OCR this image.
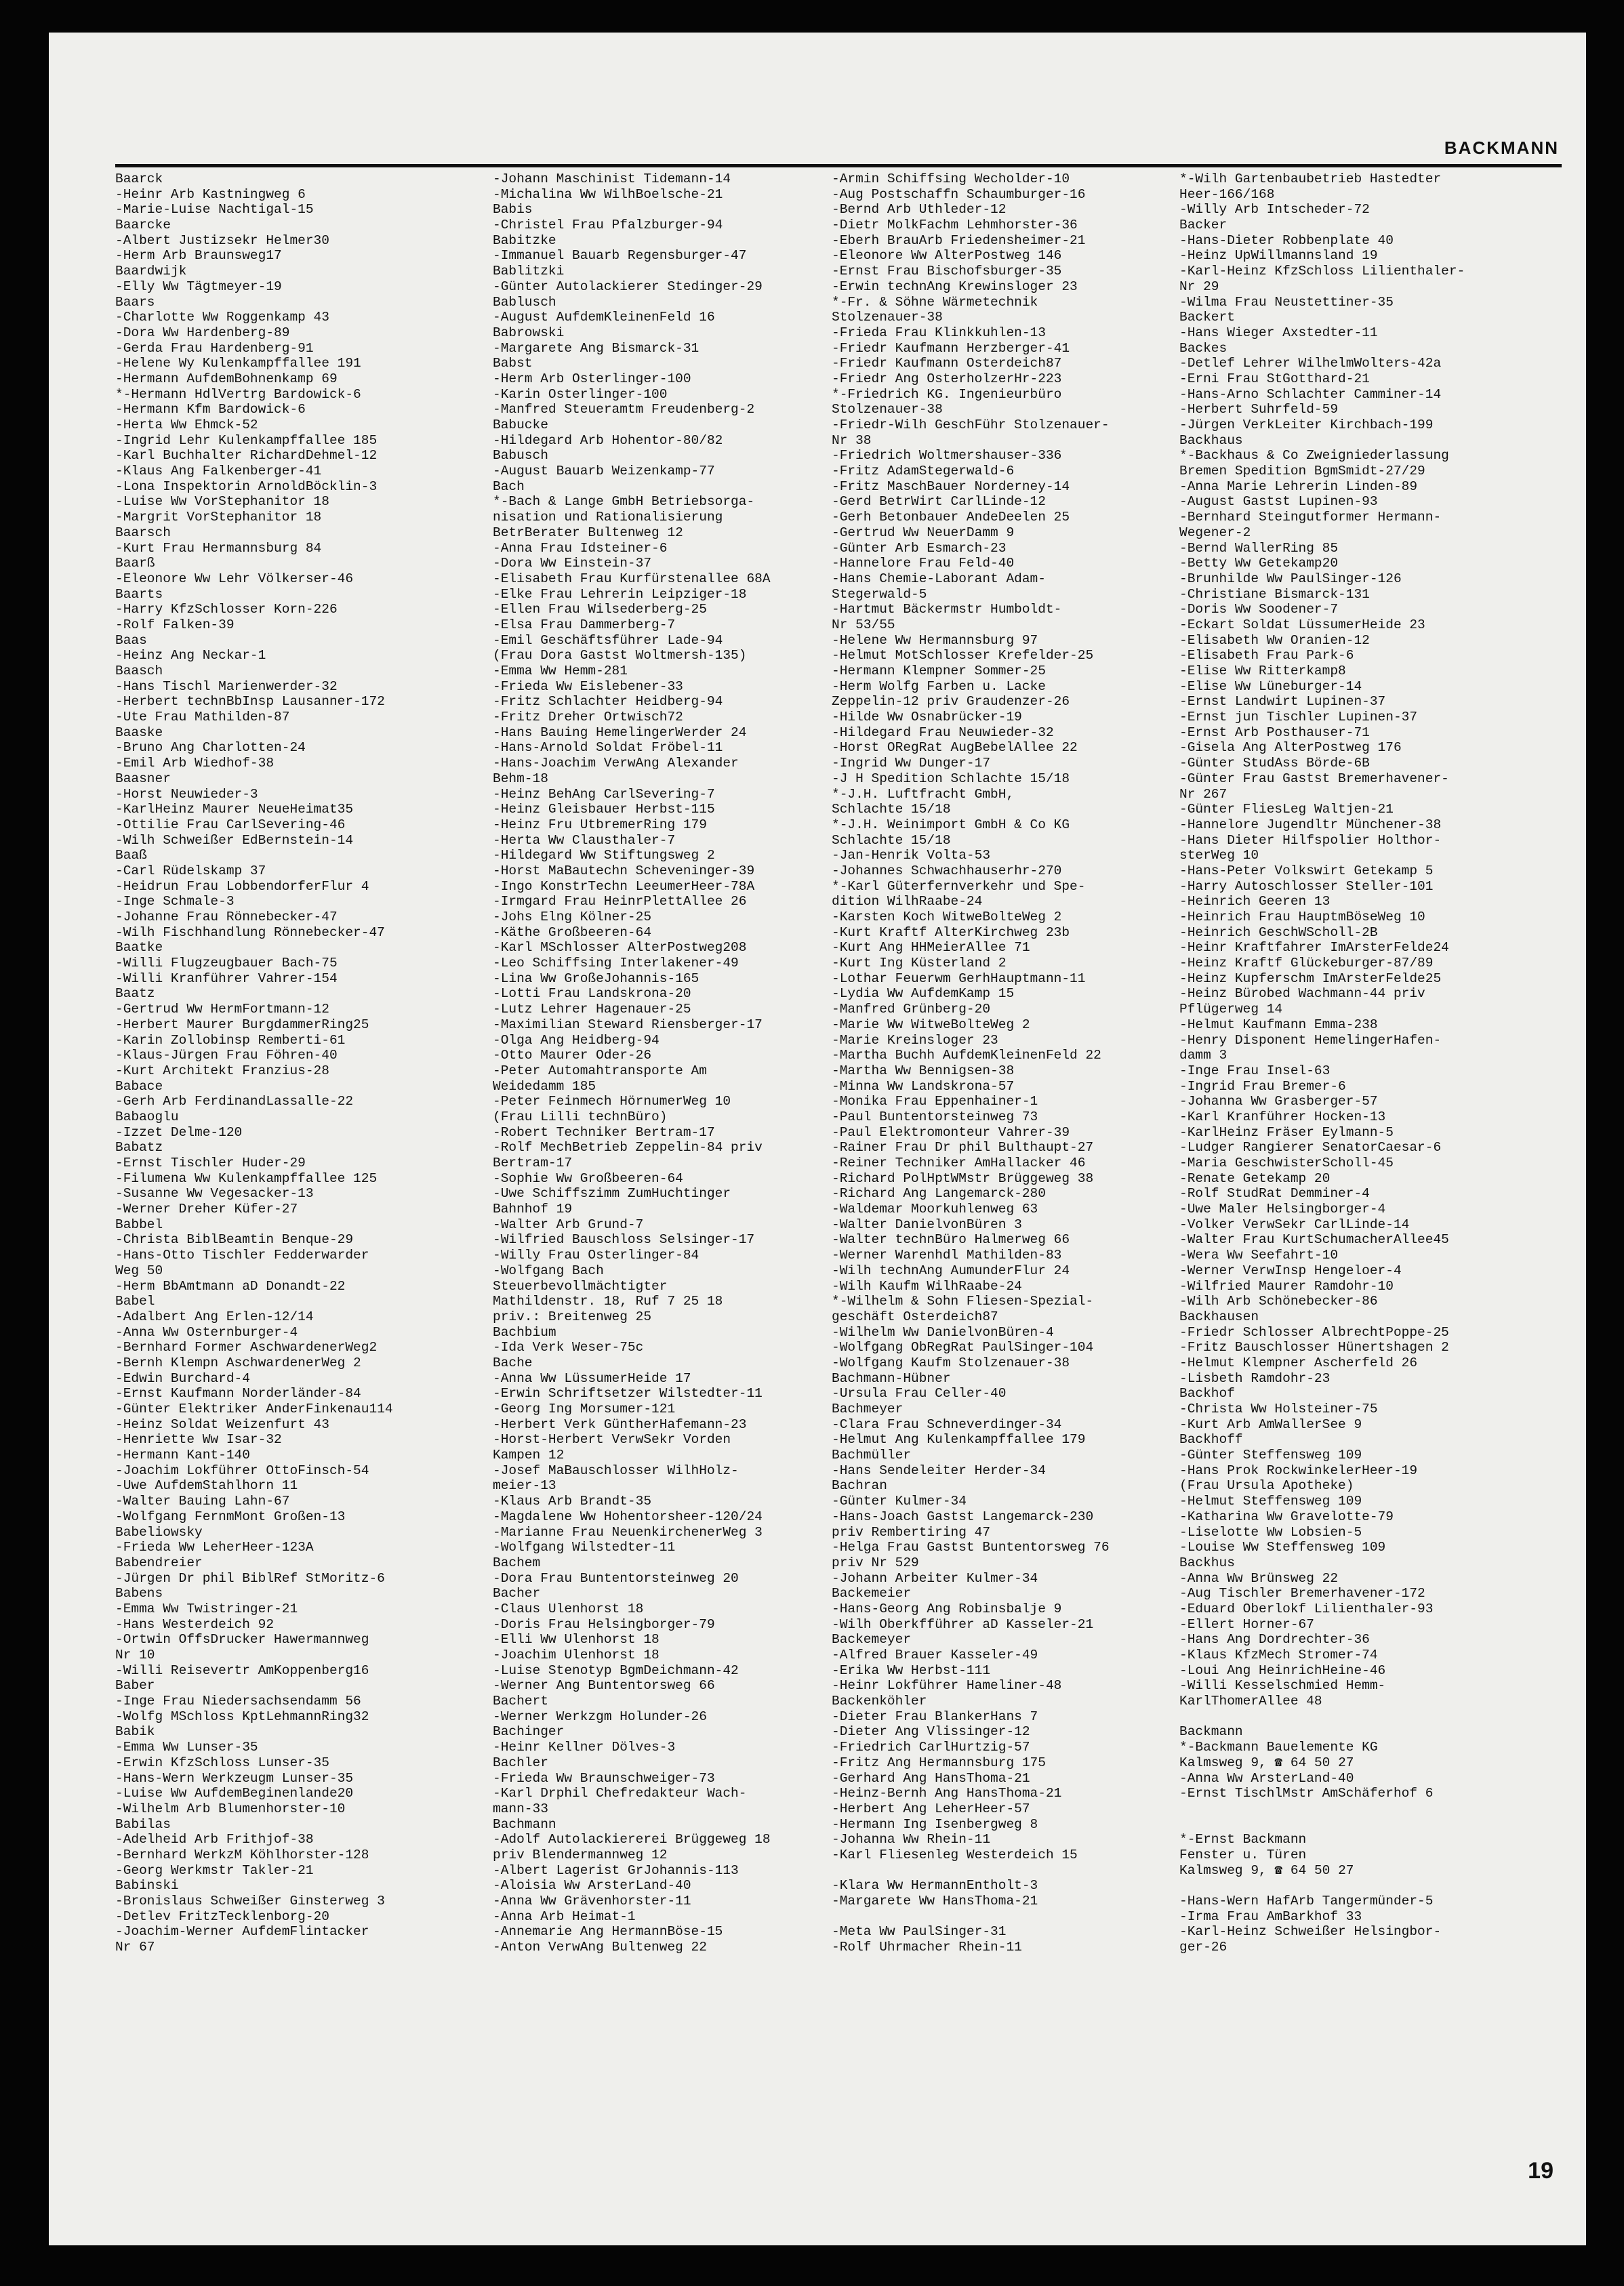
BACKMANN
Baarck
-Heinr Arb Kastningweg 6
-Marie-Luise Nachtigal-15
Baarcke
-Albert Justizsekr Helmer30
-Herm Arb Braunsweg17
Baardwijk
-Elly Ww Tägtmeyer-19
Baars
-Charlotte Ww Roggenkamp 43
-Dora Ww Hardenberg-89
-Gerda Frau Hardenberg-91
-Helene Wy Kulenkampffallee 191
-Hermann AufdemBohnenkamp 69
*-Hermann HdlVertrg Bardowick-6
-Hermann Kfm Bardowick-6
-Herta Ww Ehmck-52
-Ingrid Lehr Kulenkampffallee 185
-Karl Buchhalter RichardDehmel-12
-Klaus Ang Falkenberger-41
-Lona Inspektorin ArnoldBöcklin-3
-Luise Ww VorStephanitor 18
-Margrit VorStephanitor 18
Baarsch
-Kurt Frau Hermannsburg 84
Baarß
-Eleonore Ww Lehr Völkerser-46
Baarts
-Harry KfzSchlosser Korn-226
-Rolf Falken-39
Baas
-Heinz Ang Neckar-1
Baasch
-Hans Tischl Marienwerder-32
-Herbert technBbInsp Lausanner-172
-Ute Frau Mathilden-87
Baaske
-Bruno Ang Charlotten-24
-Emil Arb Wiedhof-38
Baasner
-Horst Neuwieder-3
-KarlHeinz Maurer NeueHeimat35
-Ottilie Frau CarlSevering-46
-Wilh Schweißer EdBernstein-14
Baaß
-Carl Rüdelskamp 37
-Heidrun Frau LobbendorferFlur 4
-Inge Schmale-3
-Johanne Frau Rönnebecker-47
-Wilh Fischhandlung Rönnebecker-47
Baatke
-Willi Flugzeugbauer Bach-75
-Willi Kranführer Vahrer-154
Baatz
-Gertrud Ww HermFortmann-12
-Herbert Maurer BurgdammerRing25
-Karin Zollobinsp Remberti-61
-Klaus-Jürgen Frau Föhren-40
-Kurt Architekt Franzius-28
Babace
-Gerh Arb FerdinandLassalle-22
Babaoglu
-Izzet Delme-120
Babatz
-Ernst Tischler Huder-29
-Filumena Ww Kulenkampffallee 125
-Susanne Ww Vegesacker-13
-Werner Dreher Küfer-27
Babbel
-Christa BiblBeamtin Benque-29
-Hans-Otto Tischler Fedderwarder
Weg 50
-Herm BbAmtmann aD Donandt-22
Babel
-Adalbert Ang Erlen-12/14
-Anna Ww Osternburger-4
-Bernhard Former AschwardenerWeg2
-Bernh Klempn AschwardenerWeg 2
-Edwin Burchard-4
-Ernst Kaufmann Norderländer-84
-Günter Elektriker AnderFinkenau114
-Heinz Soldat Weizenfurt 43
-Henriette Ww Isar-32
-Hermann Kant-140
-Joachim Lokführer OttoFinsch-54
-Uwe AufdemStahlhorn 11
-Walter Bauing Lahn-67
-Wolfgang FernmMont Großen-13
Babeliowsky
-Frieda Ww LeherHeer-123A
Babendreier
-Jürgen Dr phil BiblRef StMoritz-6
Babens
-Emma Ww Twistringer-21
-Hans Westerdeich 92
-Ortwin OffsDrucker Hawermannweg
Nr 10
-Willi Reisevertr AmKoppenberg16
Baber
-Inge Frau Niedersachsendamm 56
-Wolfg MSchloss KptLehmannRing32
Babik
-Emma Ww Lunser-35
-Erwin KfzSchloss Lunser-35
-Hans-Wern Werkzeugm Lunser-35
-Luise Ww AufdemBeginenlande20
-Wilhelm Arb Blumenhorster-10
Babilas
-Adelheid Arb Frithjof-38
-Bernhard WerkzM Köhlhorster-128
-Georg Werkmstr Takler-21
Babinski
-Bronislaus Schweißer Ginsterweg 3
-Detlev FritzTecklenborg-20
-Joachim-Werner AufdemFlintacker
Nr 67
-Johann Maschinist Tidemann-14
-Michalina Ww WilhBoelsche-21
Babis
-Christel Frau Pfalzburger-94
Babitzke
-Immanuel Bauarb Regensburger-47
Bablitzki
-Günter Autolackierer Stedinger-29
Bablusch
-August AufdemKleinenFeld 16
Babrowski
-Margarete Ang Bismarck-31
Babst
-Herm Arb Osterlinger-100
-Karin Osterlinger-100
-Manfred Steueramtm Freudenberg-2
Babucke
-Hildegard Arb Hohentor-80/82
Babusch
-August Bauarb Weizenkamp-77
Bach
*-Bach & Lange GmbH Betriebsorga-
nisation und Rationalisierung
BetrBerater Bultenweg 12
-Anna Frau Idsteiner-6
-Dora Ww Einstein-37
-Elisabeth Frau Kurfürstenallee 68A
-Elke Frau Lehrerin Leipziger-18
-Ellen Frau Wilsederberg-25
-Elsa Frau Dammerberg-7
-Emil Geschäftsführer Lade-94
(Frau Dora Gastst Woltmersh-135)
-Emma Ww Hemm-281
-Frieda Ww Eislebener-33
-Fritz Schlachter Heidberg-94
-Fritz Dreher Ortwisch72
-Hans Bauing HemelingerWerder 24
-Hans-Arnold Soldat Fröbel-11
-Hans-Joachim VerwAng Alexander
Behm-18
-Heinz BehAng CarlSevering-7
-Heinz Gleisbauer Herbst-115
-Heinz Fru UtbremerRing 179
-Herta Ww Clausthaler-7
-Hildegard Ww Stiftungsweg 2
-Horst MaBautechn Scheveninger-39
-Ingo KonstrTechn LeeumerHeer-78A
-Irmgard Frau HeinrPlettAllee 26
-Johs Elng Kölner-25
-Käthe Großbeeren-64
-Karl MSchlosser AlterPostweg208
-Leo Schiffsing Interlakener-49
-Lina Ww GroßeJohannis-165
-Lotti Frau Landskrona-20
-Lutz Lehrer Hagenauer-25
-Maximilian Steward Riensberger-17
-Olga Ang Heidberg-94
-Otto Maurer Oder-26
-Peter Automahtransporte Am
Weidedamm 185
-Peter Feinmech HörnumerWeg 10
(Frau Lilli technBüro)
-Robert Techniker Bertram-17
-Rolf MechBetrieb Zeppelin-84 priv
Bertram-17
-Sophie Ww Großbeeren-64
-Uwe Schiffszimm ZumHuchtinger
Bahnhof 19
-Walter Arb Grund-7
-Wilfried Bauschloss Selsinger-17
-Willy Frau Osterlinger-84
-Wolfgang Bach
Steuerbevollmächtigter
Mathildenstr. 18, Ruf 7 25 18
priv.: Breitenweg 25
Bachbium
-Ida Verk Weser-75c
Bache
-Anna Ww LüssumerHeide 17
-Erwin Schriftsetzer Wilstedter-11
-Georg Ing Morsumer-121
-Herbert Verk GüntherHafemann-23
-Horst-Herbert VerwSekr Vorden
Kampen 12
-Josef MaBauschlosser WilhHolz-
meier-13
-Klaus Arb Brandt-35
-Magdalene Ww Hohentorsheer-120/24
-Marianne Frau NeuenkirchenerWeg 3
-Wolfgang Wilstedter-11
Bachem
-Dora Frau Buntentorsteinweg 20
Bacher
-Claus Ulenhorst 18
-Doris Frau Helsingborger-79
-Elli Ww Ulenhorst 18
-Joachim Ulenhorst 18
-Luise Stenotyp BgmDeichmann-42
-Werner Ang Buntentorsweg 66
Bachert
-Werner Werkzgm Holunder-26
Bachinger
-Heinr Kellner Dölves-3
Bachler
-Frieda Ww Braunschweiger-73
-Karl Drphil Chefredakteur Wach-
mann-33
Bachmann
-Adolf Autolackiererei Brüggeweg 18
priv Blendermannweg 12
-Albert Lagerist GrJohannis-113
-Aloisia Ww ArsterLand-40
-Anna Ww Grävenhorster-11
-Anna Arb Heimat-1
-Annemarie Ang HermannBöse-15
-Anton VerwAng Bultenweg 22
-Armin Schiffsing Wecholder-10
-Aug Postschaffn Schaumburger-16
-Bernd Arb Uthleder-12
-Dietr MolkFachm Lehmhorster-36
-Eberh BrauArb Friedensheimer-21
-Eleonore Ww AlterPostweg 146
-Ernst Frau Bischofsburger-35
-Erwin technAng Krewinsloger 23
*-Fr. & Söhne Wärmetechnik
Stolzenauer-38
-Frieda Frau Klinkkuhlen-13
-Friedr Kaufmann Herzberger-41
-Friedr Kaufmann Osterdeich87
-Friedr Ang OsterholzerHr-223
*-Friedrich KG. Ingenieurbüro
Stolzenauer-38
-Friedr-Wilh GeschFühr Stolzenauer-
Nr 38
-Friedrich Woltmershauser-336
-Fritz AdamStegerwald-6
-Fritz MaschBauer Norderney-14
-Gerd BetrWirt CarlLinde-12
-Gerh Betonbauer AndeDeelen 25
-Gertrud Ww NeuerDamm 9
-Günter Arb Esmarch-23
-Hannelore Frau Feld-40
-Hans Chemie-Laborant Adam-
Stegerwald-5
-Hartmut Bäckermstr Humboldt-
Nr 53/55
-Helene Ww Hermannsburg 97
-Helmut MotSchlosser Krefelder-25
-Hermann Klempner Sommer-25
-Herm Wolfg Farben u. Lacke
Zeppelin-12 priv Graudenzer-26
-Hilde Ww Osnabrücker-19
-Hildegard Frau Neuwieder-32
-Horst ORegRat AugBebelAllee 22
-Ingrid Ww Dunger-17
-J H Spedition Schlachte 15/18
*-J.H. Luftfracht GmbH,
Schlachte 15/18
*-J.H. Weinimport GmbH & Co KG
Schlachte 15/18
-Jan-Henrik Volta-53
-Johannes Schwachhauserhr-270
*-Karl Güterfernverkehr und Spe-
dition WilhRaabe-24
-Karsten Koch WitweBolteWeg 2
-Kurt Kraftf AlterKirchweg 23b
-Kurt Ang HHMeierAllee 71
-Kurt Ing Küsterland 2
-Lothar Feuerwm GerhHauptmann-11
-Lydia Ww AufdemKamp 15
-Manfred Grünberg-20
-Marie Ww WitweBolteWeg 2
-Marie Kreinsloger 23
-Martha Buchh AufdemKleinenFeld 22
-Martha Ww Bennigsen-38
-Minna Ww Landskrona-57
-Monika Frau Eppenhainer-1
-Paul Buntentorsteinweg 73
-Paul Elektromonteur Vahrer-39
-Rainer Frau Dr phil Bulthaupt-27
-Reiner Techniker AmHallacker 46
-Richard PolHptWMstr Brüggeweg 38
-Richard Ang Langemarck-280
-Waldemar Moorkuhlenweg 63
-Walter DanielvonBüren 3
-Walter technBüro Halmerweg 66
-Werner Warenhdl Mathilden-83
-Wilh technAng AumunderFlur 24
-Wilh Kaufm WilhRaabe-24
*-Wilhelm & Sohn Fliesen-Spezial-
geschäft Osterdeich87
-Wilhelm Ww DanielvonBüren-4
-Wolfgang ObRegRat PaulSinger-104
-Wolfgang Kaufm Stolzenauer-38
Bachmann-Hübner
-Ursula Frau Celler-40
Bachmeyer
-Clara Frau Schneverdinger-34
-Helmut Ang Kulenkampffallee 179
Bachmüller
-Hans Sendeleiter Herder-34
Bachran
-Günter Kulmer-34
-Hans-Joach Gastst Langemarck-230
priv Rembertiring 47
-Helga Frau Gastst Buntentorsweg 76
priv Nr 529
-Johann Arbeiter Kulmer-34
Backemeier
-Hans-Georg Ang Robinsbalje 9
-Wilh Oberkfführer aD Kasseler-21
Backemeyer
-Alfred Brauer Kasseler-49
-Erika Ww Herbst-111
-Heinr Lokführer Hameliner-48
Backenköhler
-Dieter Frau BlankerHans 7
-Dieter Ang Vlissinger-12
-Friedrich CarlHurtzig-57
-Fritz Ang Hermannsburg 175
-Gerhard Ang HansThoma-21
-Heinz-Bernh Ang HansThoma-21
-Herbert Ang LeherHeer-57
-Hermann Ing Isenbergweg 8
-Johanna Ww Rhein-11
-Karl Fliesenleg Westerdeich 15
-Klara Ww HermannEntholt-3
-Margarete Ww HansThoma-21
-Meta Ww PaulSinger-31
-Rolf Uhrmacher Rhein-11
*-Wilh Gartenbaubetrieb Hastedter
Heer-166/168
-Willy Arb Intscheder-72
Backer
-Hans-Dieter Robbenplate 40
-Heinz UpWillmannsland 19
-Karl-Heinz KfzSchloss Lilienthaler-
Nr 29
-Wilma Frau Neustettiner-35
Backert
-Hans Wieger Axstedter-11
Backes
-Detlef Lehrer WilhelmWolters-42a
-Erni Frau StGotthard-21
-Hans-Arno Schlachter Camminer-14
-Herbert Suhrfeld-59
-Jürgen VerkLeiter Kirchbach-199
Backhaus
*-Backhaus & Co Zweigniederlassung
Bremen Spedition BgmSmidt-27/29
-Anna Marie Lehrerin Linden-89
-August Gastst Lupinen-93
-Bernhard Steingutformer Hermann-
Wegener-2
-Bernd WallerRing 85
-Betty Ww Getekamp20
-Brunhilde Ww PaulSinger-126
-Christiane Bismarck-131
-Doris Ww Soodener-7
-Eckart Soldat LüssumerHeide 23
-Elisabeth Ww Oranien-12
-Elisabeth Frau Park-6
-Elise Ww Ritterkamp8
-Elise Ww Lüneburger-14
-Ernst Landwirt Lupinen-37
-Ernst jun Tischler Lupinen-37
-Ernst Arb Posthauser-71
-Gisela Ang AlterPostweg 176
-Günter StudAss Börde-6B
-Günter Frau Gastst Bremerhavener-
Nr 267
-Günter FliesLeg Waltjen-21
-Hannelore Jugendltr Münchener-38
-Hans Dieter Hilfspolier Holthor-
sterWeg 10
-Hans-Peter Volkswirt Getekamp 5
-Harry Autoschlosser Steller-101
-Heinrich Geeren 13
-Heinrich Frau HauptmBöseWeg 10
-Heinrich GeschWScholl-2B
-Heinr Kraftfahrer ImArsterFelde24
-Heinz Kraftf Glückeburger-87/89
-Heinz Kupferschm ImArsterFelde25
-Heinz Bürobed Wachmann-44 priv
Pflügerweg 14
-Helmut Kaufmann Emma-238
-Henry Disponent HemelingerHafen-
damm 3
-Inge Frau Insel-63
-Ingrid Frau Bremer-6
-Johanna Ww Grasberger-57
-Karl Kranführer Hocken-13
-KarlHeinz Fräser Eylmann-5
-Ludger Rangierer SenatorCaesar-6
-Maria GeschwisterScholl-45
-Renate Getekamp 20
-Rolf StudRat Demminer-4
-Uwe Maler Helsingborger-4
-Volker VerwSekr CarlLinde-14
-Walter Frau KurtSchumacherAllee45
-Wera Ww Seefahrt-10
-Werner VerwInsp Hengeloer-4
-Wilfried Maurer Ramdohr-10
-Wilh Arb Schönebecker-86
Backhausen
-Friedr Schlosser AlbrechtPoppe-25
-Fritz Bauschlosser Hünertshagen 2
-Helmut Klempner Ascherfeld 26
-Lisbeth Ramdohr-23
Backhof
-Christa Ww Holsteiner-75
-Kurt Arb AmWallerSee 9
Backhoff
-Günter Steffensweg 109
-Hans Prok RockwinkelerHeer-19
(Frau Ursula Apotheke)
-Helmut Steffensweg 109
-Katharina Ww Gravelotte-79
-Liselotte Ww Lobsien-5
-Louise Ww Steffensweg 109
Backhus
-Anna Ww Brünsweg 22
-Aug Tischler Bremerhavener-172
-Eduard Oberlokf Lilienthaler-93
-Ellert Horner-67
-Hans Ang Dordrechter-36
-Klaus KfzMech Stromer-74
-Loui Ang HeinrichHeine-46
-Willi Kesselschmied Hemm-
KarlThomerAllee 48
Backmann
*-Backmann Bauelemente KG
Kalmsweg 9, ☎ 64 50 27
-Anna Ww ArsterLand-40
-Ernst TischlMstr AmSchäferhof 6
*-Ernst Backmann
Fenster u. Türen
Kalmsweg 9, ☎ 64 50 27
-Hans-Wern HafArb Tangermünder-5
-Irma Frau AmBarkhof 33
-Karl-Heinz Schweißer Helsingbor-
ger-26
19
